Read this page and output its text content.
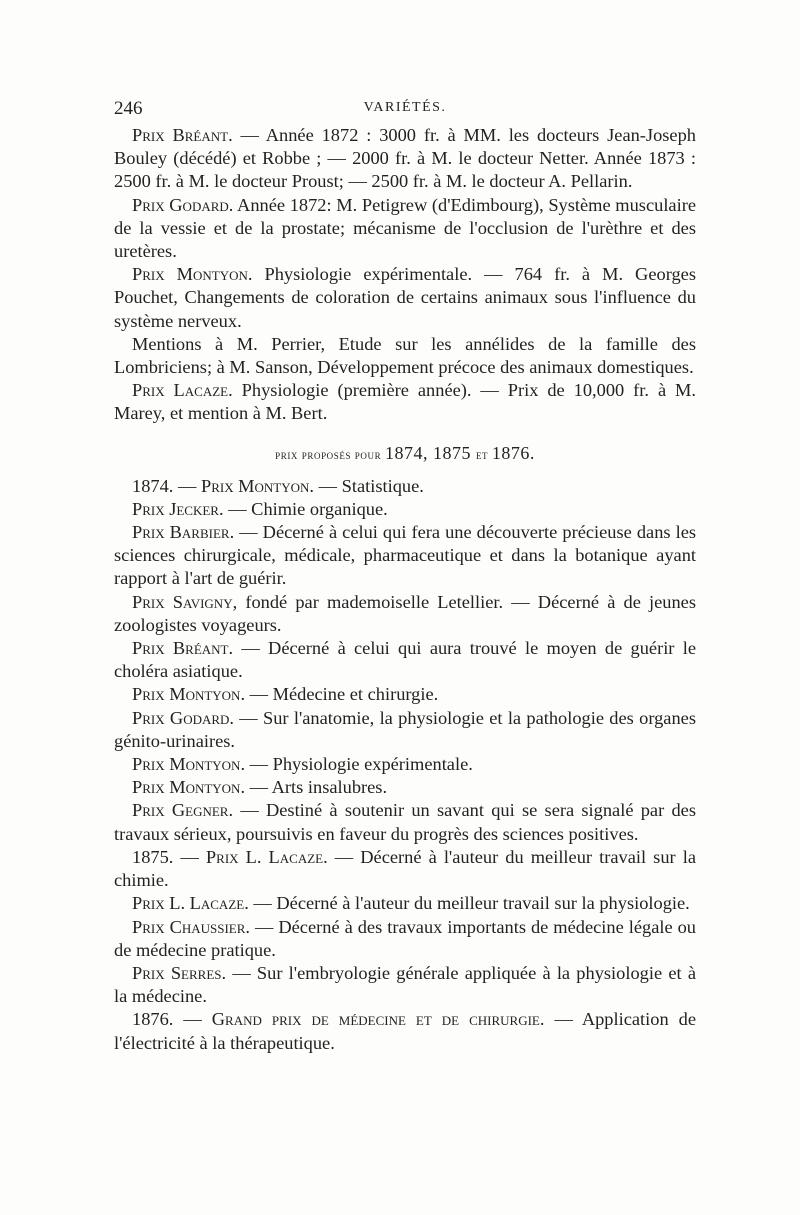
246	VARIÉTÉS.

Prix Bréant. — Année 1872 : 3000 fr. à MM. les docteurs Jean-Joseph Bouley (décédé) et Robbe ; — 2000 fr. à M. le docteur Netter. Année 1873 : 2500 fr. à M. le docteur Proust; — 2500 fr. à M. le docteur A. Pellarin.

Prix Godard. Année 1872: M. Petigrew (d'Edimbourg), Système musculaire de la vessie et de la prostate; mécanisme de l'occlusion de l'urèthre et des uretères.

Prix Montyon. Physiologie expérimentale. — 764 fr. à M. Georges Pouchet, Changements de coloration de certains animaux sous l'influence du système nerveux.

Mentions à M. Perrier, Etude sur les annélides de la famille des Lombriciens; à M. Sanson, Développement précoce des animaux domestiques.

Prix Lacaze. Physiologie (première année). — Prix de 10,000 fr. à M. Marey, et mention à M. Bert.

prix proposés pour 1874, 1875 et 1876.

1874. — Prix Montyon. — Statistique.

Prix Jecker. — Chimie organique.

Prix Barbier. — Décerné à celui qui fera une découverte précieuse dans les sciences chirurgicale, médicale, pharmaceutique et dans la botanique ayant rapport à l'art de guérir.

Prix Savigny, fondé par mademoiselle Letellier. — Décerné à de jeunes zoologistes voyageurs.

Prix Bréant. — Décerné à celui qui aura trouvé le moyen de guérir le choléra asiatique.

Prix Montyon. — Médecine et chirurgie.

Prix Godard. — Sur l'anatomie, la physiologie et la pathologie des organes génito-urinaires.

Prix Montyon. — Physiologie expérimentale.

Prix Montyon. — Arts insalubres.

Prix Gegner. — Destiné à soutenir un savant qui se sera signalé par des travaux sérieux, poursuivis en faveur du progrès des sciences positives.

1875. — Prix L. Lacaze. — Décerné à l'auteur du meilleur travail sur la chimie.

Prix L. Lacaze. — Décerné à l'auteur du meilleur travail sur la physiologie.

Prix Chaussier. — Décerné à des travaux importants de médecine légale ou de médecine pratique.

Prix Serres. — Sur l'embryologie générale appliquée à la physiologie et à la médecine.

1876. — Grand prix de médecine et de chirurgie. — Application de l'électricité à la thérapeutique.
